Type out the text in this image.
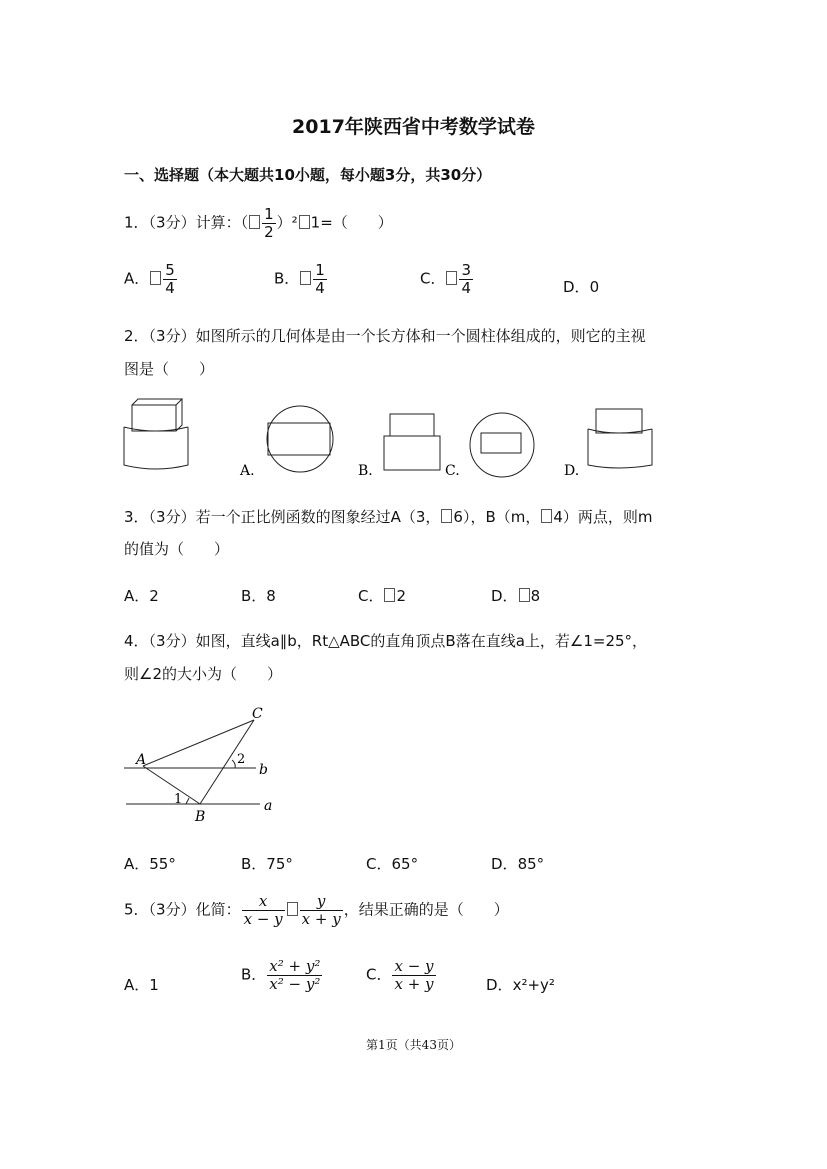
2017年陕西省中考数学试卷
一、选择题（本大题共10小题，每小题3分，共30分）
1．（3分）计算：（ $\frac{1}{2} )^2$ 1=（　　）
A． $\frac{5}{4}$	B． $\frac{1}{4}$	C． $\frac{3}{4}$	D．0
2．（3分）如图所示的几何体是由一个长方体和一个圆柱体组成的，则它的主视
图是（　　）
A.	B.	C.	D.
3．（3分）若一个正比例函数的图象经过A（3， 6），B（m， 4）两点，则m
的值为（　　）
A．2	B．8	C． 2	D． 8
4．（3分）如图，直线a∥b，Rt△ABC的直角顶点B落在直线a上，若∠1=25°，
则∠2的大小为（　　）
C
A	2
b
1
B
a
A．55°	B．75°	C．65°	D．85°
5．（3分）化简： $\frac{x}{x - y} \frac{y}{x + y}$ ，结果正确的是（　　）
A．1
B． $\frac{\text{x² + y²}}{\text{x² − y²}}$	C． $\frac{x - y}{x + y}$	D．x²+y²
第1页（共43页）
